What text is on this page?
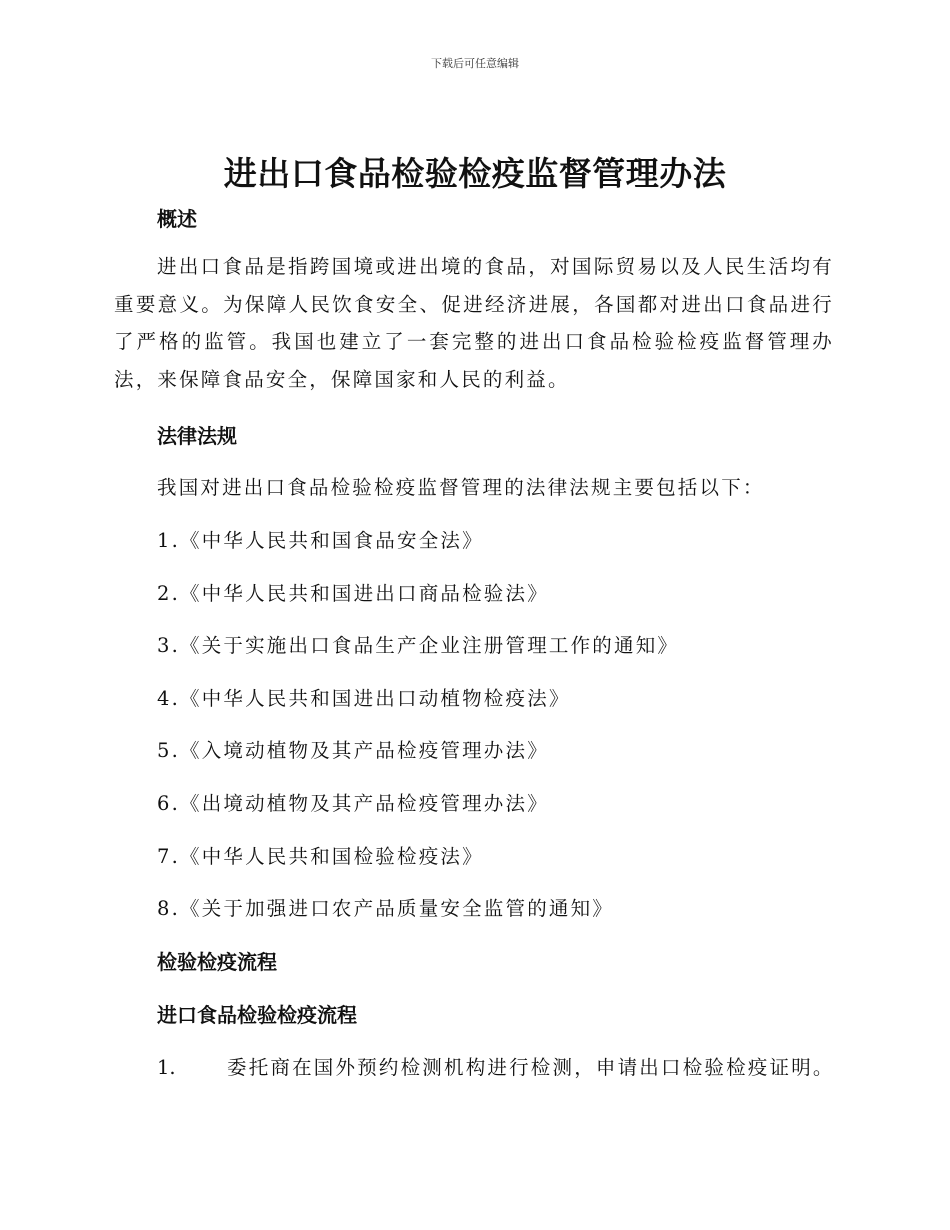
下载后可任意编辑
进出口食品检验检疫监督管理办法
概述
进出口食品是指跨国境或进出境的食品，对国际贸易以及人民生活均有重要意义。为保障人民饮食安全、促进经济进展，各国都对进出口食品进行了严格的监管。我国也建立了一套完整的进出口食品检验检疫监督管理办法，来保障食品安全，保障国家和人民的利益。
法律法规
我国对进出口食品检验检疫监督管理的法律法规主要包括以下：
1.《中华人民共和国食品安全法》
2.《中华人民共和国进出口商品检验法》
3.《关于实施出口食品生产企业注册管理工作的通知》
4.《中华人民共和国进出口动植物检疫法》
5.《入境动植物及其产品检疫管理办法》
6.《出境动植物及其产品检疫管理办法》
7.《中华人民共和国检验检疫法》
8.《关于加强进口农产品质量安全监管的通知》
检验检疫流程
进口食品检验检疫流程
1.	委托商在国外预约检测机构进行检测，申请出口检验检疫证明。
